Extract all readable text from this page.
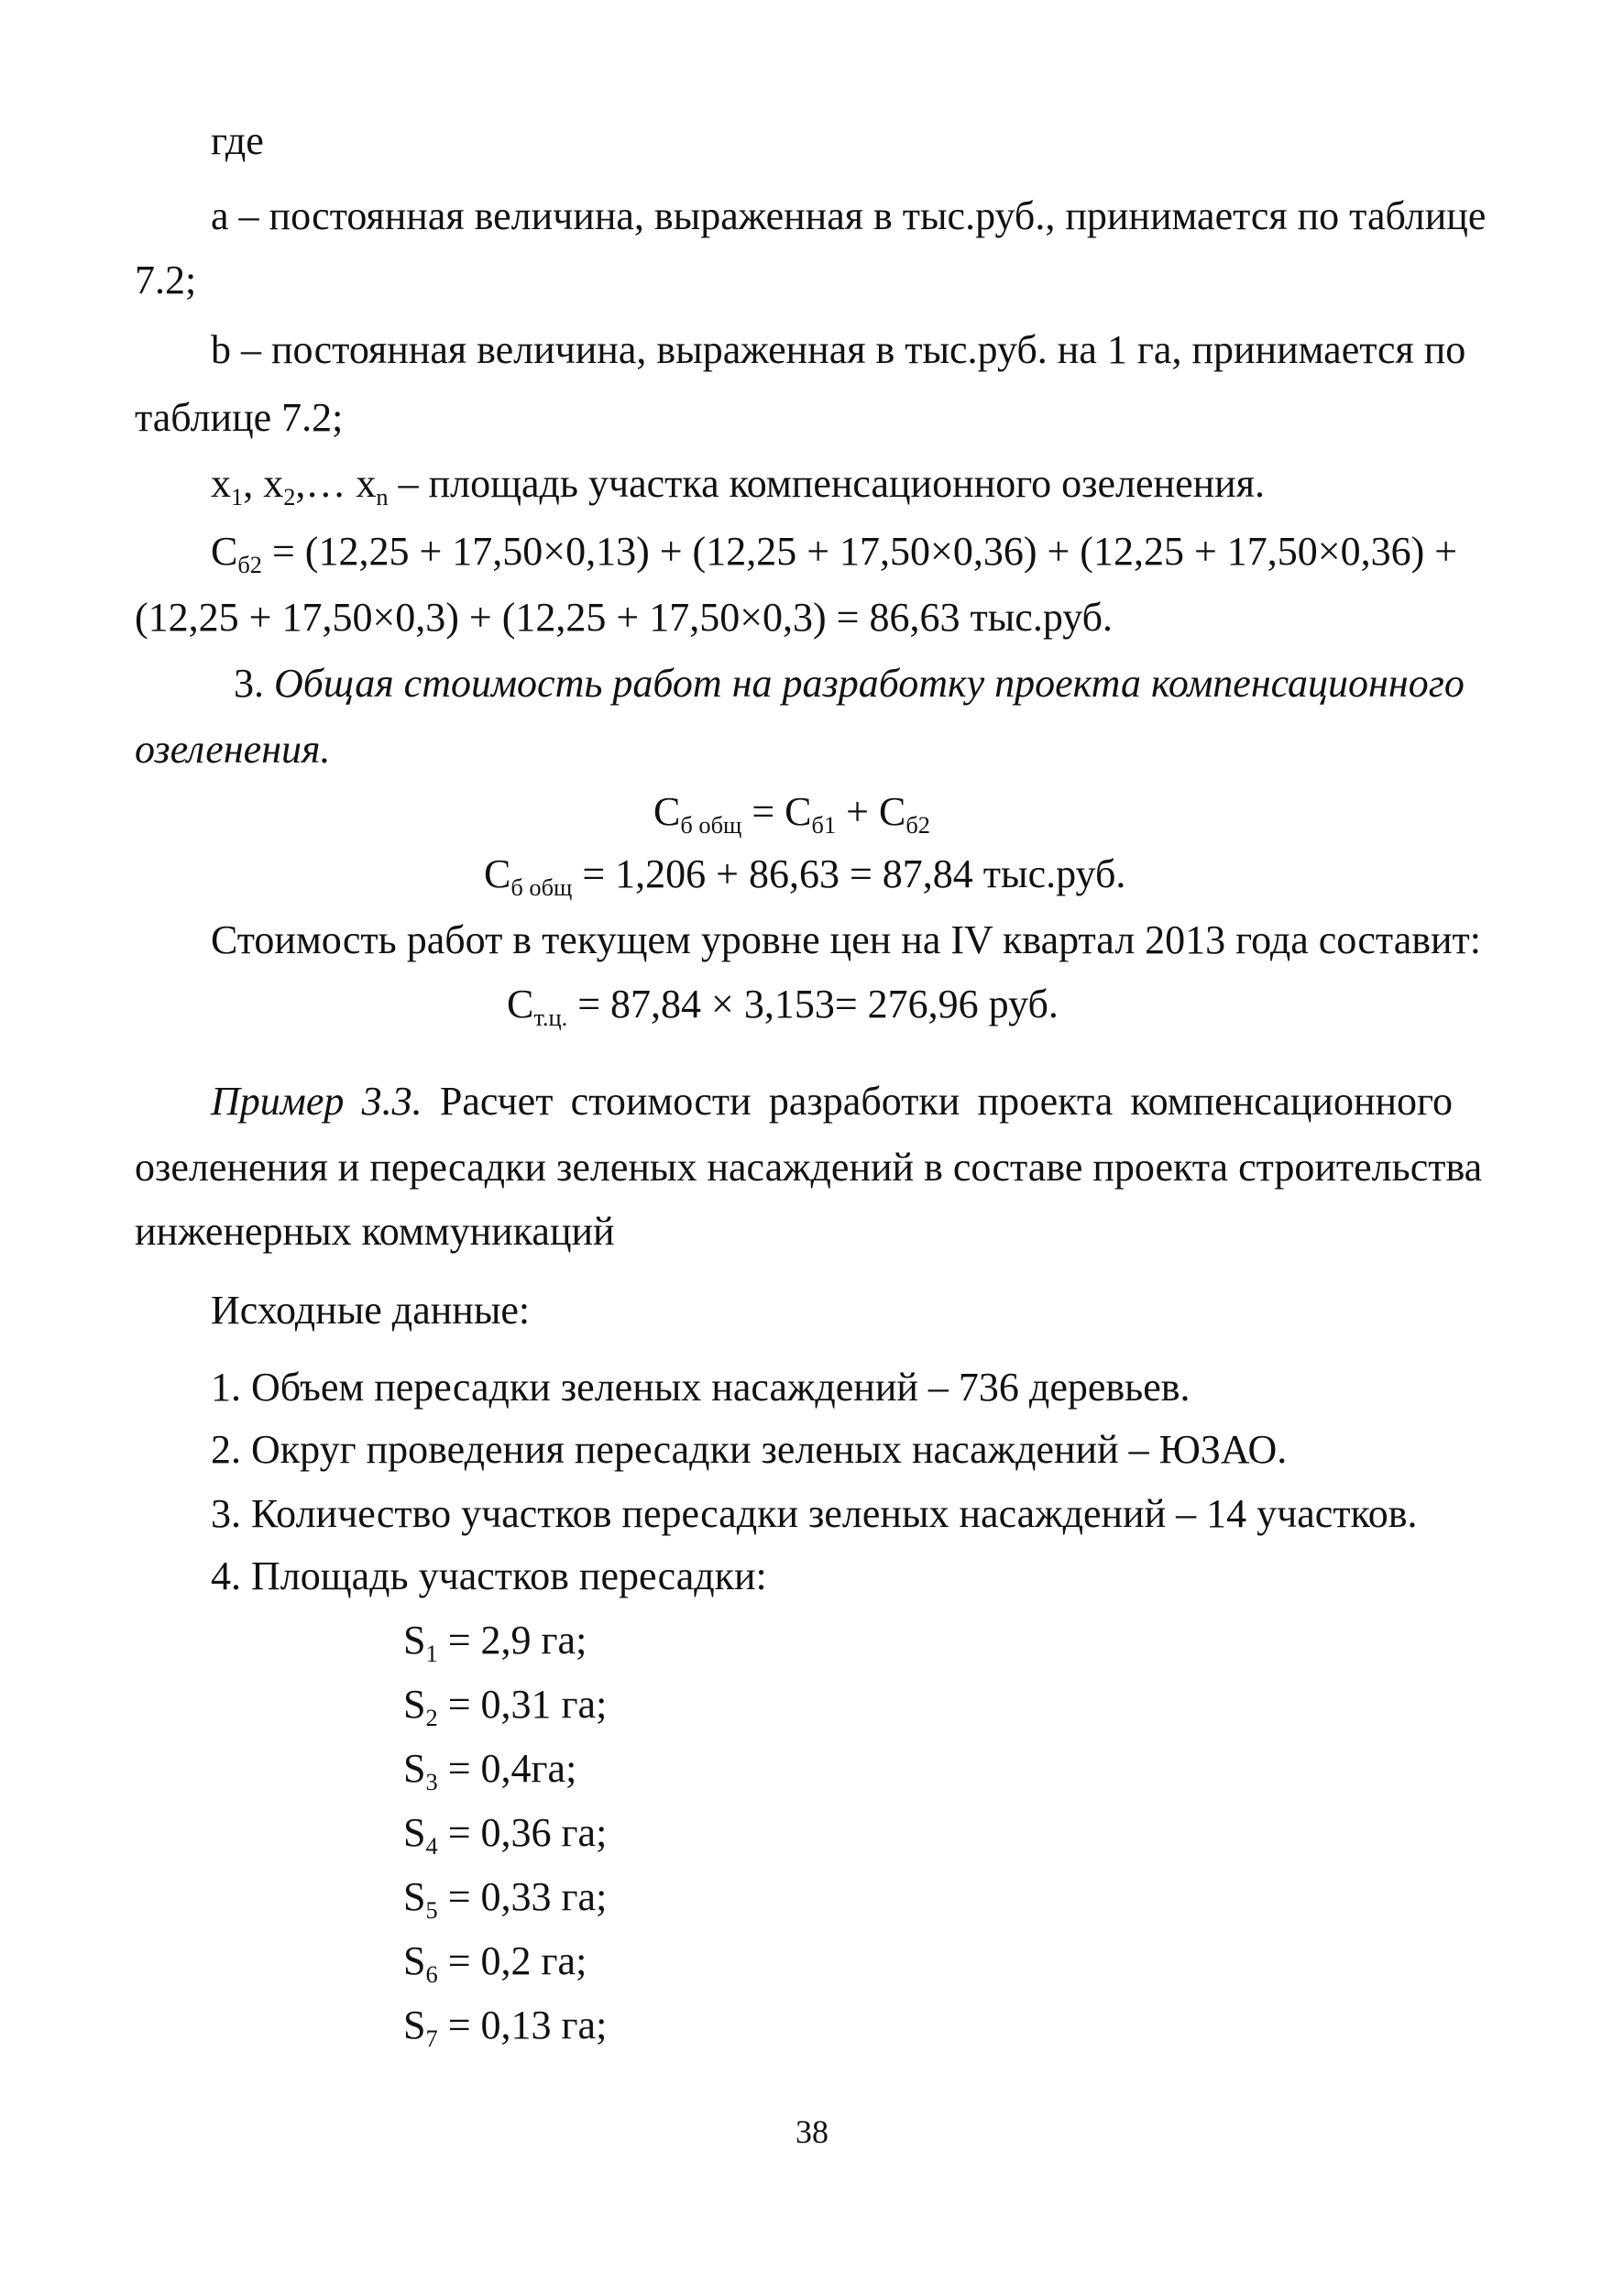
где
а – постоянная величина, выраженная в тыс.руб., принимается по таблице
7.2;
b – постоянная величина, выраженная в тыс.руб. на 1 га, принимается по
таблице 7.2;
$x_1$, $x_2,\dots$ $x_n$ – площадь участка компенсационного озеленения.
$С_{б2} = (12,25 + 17,50\times 0,13) + (12,25 + 17,50\times 0,36) + (12,25 + 17,50\times 0,36)$ +
(12,25 + 17,50×0,3) + (12,25 + 17,50×0,3) = 86,63 тыс.руб.
3. Общая стоимость работ на разработку проекта компенсационного
озеленения.
$С_{б общ} = С_{б1} + С_{б2}$
$С_{б общ} = 1,206 + 86,63 = 87,84$ тыс.руб.
Стоимость работ в текущем уровне цен на IV квартал 2013 года составит:
$С_{т.ц.} = 87,84 \times 3,153= 276,96$ руб.
Пример 3.3. Расчет стоимости разработки проекта компенсационного
озеленения и пересадки зеленых насаждений в составе проекта строительства
инженерных коммуникаций
Исходные данные:
1. Объем пересадки зеленых насаждений – 736 деревьев.
2. Округ проведения пересадки зеленых насаждений – ЮЗАО.
3. Количество участков пересадки зеленых насаждений – 14 участков.
4. Площадь участков пересадки:
$S_1 = 2,9$ га;
$S_2 = 0,31$ га;
$S_3 = 0,4га$;
$S_4 = 0,36$ га;
$S_5 = 0,33$ га;
$S_6 = 0,2$ га;
$S_7 = 0,13$ га;
38
